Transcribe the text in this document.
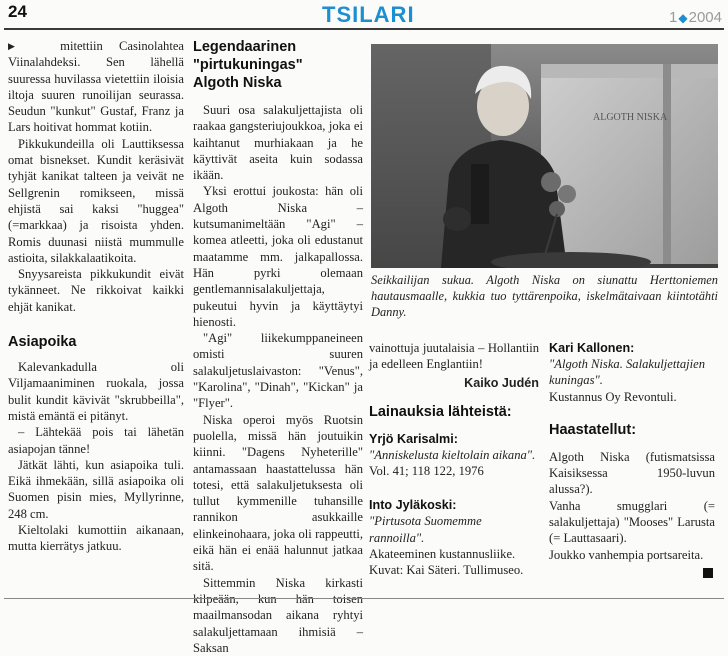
24	TSILARI	1◆2004

▶	mitettiin Casinolahtea Viinalahdeksi. Sen lähellä suuressa huvilassa vietettiin iloisia iltoja suuren runoilijan seurassa. Seudun "kunkut" Gustaf, Franz ja Lars hoitivat hommat kotiin.

Pikkukundeilla oli Lauttiksessa omat bisnekset. Kundit keräsivät tyhjät kanikat talteen ja veivät ne Sellgrenin romikseen, missä ehjistä sai kaksi "huggea" (=markkaa) ja risoista yhden. Romis duunasi niistä mummulle astioita, silakkalaatikoita.

Snyysareista pikkukundit eivät tykänneet. Ne rikkoivat kaikki ehjät kanikat.

Asiapoika

Kalevankadulla oli Viljamaaniminen ruokala, jossa bulit kundit kävivät "skrubbeilla", mistä emäntä ei pitänyt.

– Lähtekää pois tai lähetän asiapojan tänne!

Jätkät lähti, kun asiapoika tuli. Eikä ihmekään, sillä asiapoika oli Suomen pisin mies, Myllyrinne, 248 cm.

Kieltolaki kumottiin aikanaan, mutta kierrätys jatkuu.

Legendaarinen
"pirtukuningas"
Algoth Niska

Suuri osa salakuljettajista oli raakaa gangsteriujoukkoa, joka ei kaihtanut murhiakaan ja he käyttivät aseita kuin sodassa ikään.

Yksi erottui joukosta: hän oli Algoth Niska – kutsumanimeltään "Agi" – komea atleetti, joka oli edustanut maatamme mm. jalkapallossa. Hän pyrki olemaan gentlemannisalakuljettaja, pukeutui hyvin ja käyttäytyi hienosti.

"Agi" liikekumppaneineen omisti suuren salakuljetuslaivaston: "Venus", "Karolina", "Dinah", "Kickan" ja "Flyer".

Niska operoi myös Ruotsin puolella, missä hän joutuikin kiinni. "Dagens Nyheterille" antamassaan haastattelussa hän totesi, että salakuljetuksesta oli tullut kymmenille tuhansille rannikon asukkaille elinkeinohaara, joka oli rappeutti, eikä hän ei enää halunnut jatkaa sitä.

Sittemmin Niska kirkasti maailmansodan aikana ryhtyi salakuljettamaan ihmisiä – Saksan

ALGOTH NISKA
Seikkailijan sukua. Algoth Niska on siunattu Herttoniemen hautausmaalle, kukkia tuo tyttärenpoika, iskelmätaivaan kiintotähti Danny.

vainottuja juutalaisia – Hollantiin ja edelleen Englantiin!

Kaiko Judén
Lainauksia lähteistä:
Yrjö Karisalmi:

"Anniskelusta kieltolain aikana".

Vol. 41; 118 122, 1976

Into Jyläkoski:

"Pirtusota Suomemme rannoilla".

Akateeminen kustannusliike. Kuvat: Kai Säteri. Tullimuseo.

Kari Kallonen:

"Algoth Niska. Salakuljettajien kuningas".

Kustannus Oy Revontuli.

Haastatellut:

Algoth Niska (futismatsissa Kaisiksessa 1950-luvun alussa?).

Vanha smugglari (= salakuljettaja) "Mooses" Larusta (= Lauttasaari).

Joukko vanhempia portsareita.
